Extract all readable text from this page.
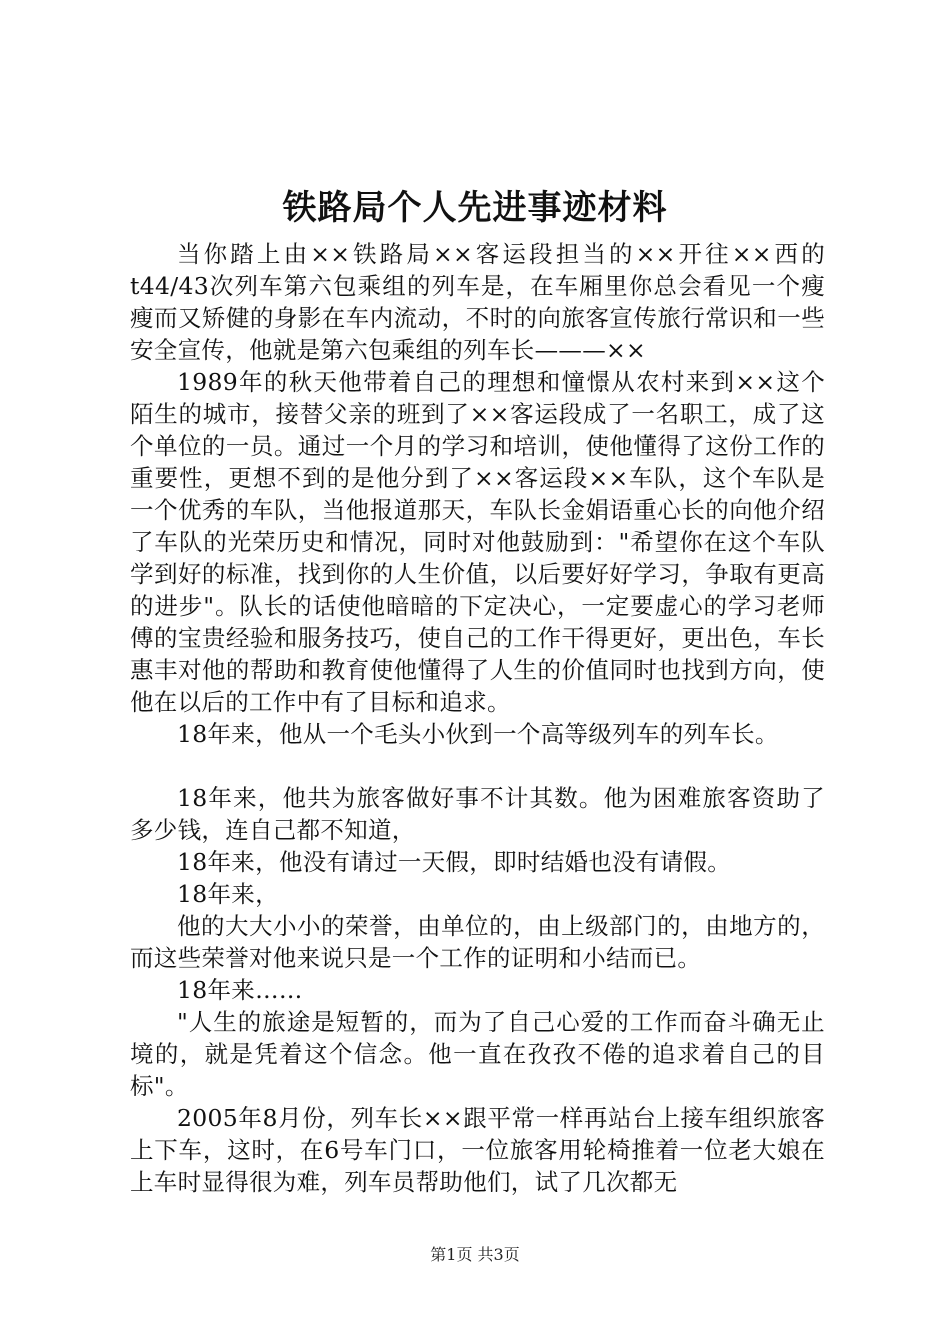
铁路局个人先进事迹材料

当你踏上由××铁路局××客运段担当的××开往××西的t44/43次列车第六包乘组的列车是，在车厢里你总会看见一个瘦瘦而又矫健的身影在车内流动，不时的向旅客宣传旅行常识和一些安全宣传，他就是第六包乘组的列车长———××

1989年的秋天他带着自己的理想和憧憬从农村来到××这个陌生的城市，接替父亲的班到了××客运段成了一名职工，成了这个单位的一员。通过一个月的学习和培训，使他懂得了这份工作的重要性，更想不到的是他分到了××客运段××车队，这个车队是一个优秀的车队，当他报道那天，车队长金娟语重心长的向他介绍了车队的光荣历史和情况，同时对他鼓励到："希望你在这个车队学到好的标准，找到你的人生价值，以后要好好学习，争取有更高的进步"。队长的话使他暗暗的下定决心，一定要虚心的学习老师傅的宝贵经验和服务技巧，使自己的工作干得更好，更出色，车长惠丰对他的帮助和教育使他懂得了人生的价值同时也找到方向，使他在以后的工作中有了目标和追求。

18年来，他从一个毛头小伙到一个高等级列车的列车长。

18年来，他共为旅客做好事不计其数。他为困难旅客资助了多少钱，连自己都不知道，

18年来，他没有请过一天假，即时结婚也没有请假。

18年来，

他的大大小小的荣誉，由单位的，由上级部门的，由地方的，而这些荣誉对他来说只是一个工作的证明和小结而已。

18年来……

"人生的旅途是短暂的，而为了自己心爱的工作而奋斗确无止境的，就是凭着这个信念。他一直在孜孜不倦的追求着自己的目标"。

2005年8月份，列车长××跟平常一样再站台上接车组织旅客上下车，这时，在6号车门口，一位旅客用轮椅推着一位老大娘在上车时显得很为难，列车员帮助他们，试了几次都无

第1页 共3页
